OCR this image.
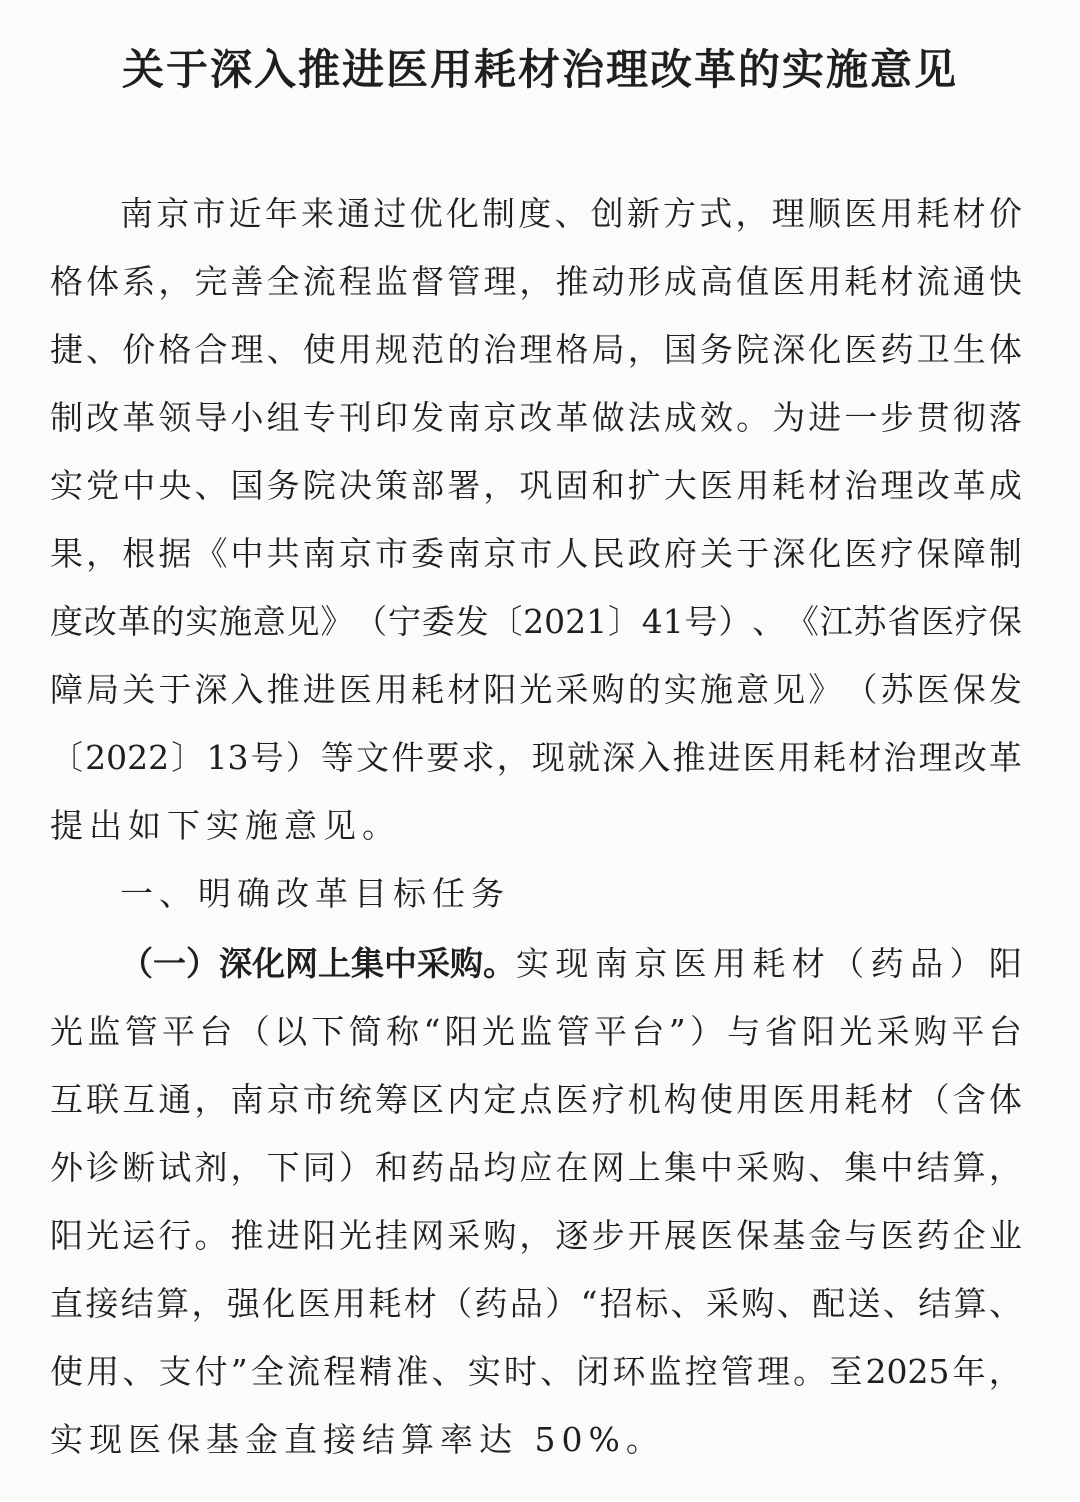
关于深入推进医用耗材治理改革的实施意见
南 京 市 近 年 来 通 过 优 化 制 度 、 创 新 方 式 ， 理 顺 医 用 耗 材 价
格 体 系 ， 完 善 全 流 程 监 督 管 理 ， 推 动 形 成 高 值 医 用 耗 材 流 通 快
捷 、 价 格 合 理 、 使 用 规 范 的 治 理 格 局 ， 国 务 院 深 化 医 药 卫 生 体
制 改 革 领 导 小 组 专 刊 印 发 南 京 改 革 做 法 成 效 。 为 进 一 步 贯 彻 落
实 党 中 央 、 国 务 院 决 策 部 署 ， 巩 固 和 扩 大 医 用 耗 材 治 理 改 革 成
果 ， 根 据 《 中 共 南 京 市 委 南 京 市 人 民 政 府 关 于 深 化 医 疗 保 障 制
度 改 革 的 实 施 意 见 》 （ 宁 委 发 〔 2021 〕 41 号 ） 、 《 江 苏 省 医 疗 保
障 局 关 于 深 入 推 进 医 用 耗 材 阳 光 采 购 的 实 施 意 见 》 （ 苏 医 保 发
〔 2022 〕 13 号 ） 等 文 件 要 求 ， 现 就 深 入 推 进 医 用 耗 材 治 理 改 革
提出如下实施意见。
一、明确改革目标任务
（一）深化网上集中采购。 实 现 南 京 医 用 耗 材 （ 药 品 ） 阳
光 监 管 平 台 （ 以 下 简 称 “ 阳 光 监 管 平 台 ” ） 与 省 阳 光 采 购 平 台
互 联 互 通 ， 南 京 市 统 筹 区 内 定 点 医 疗 机 构 使 用 医 用 耗 材 （ 含 体
外 诊 断 试 剂 ， 下 同 ） 和 药 品 均 应 在 网 上 集 中 采 购 、 集 中 结 算 ，
阳 光 运 行 。 推 进 阳 光 挂 网 采 购 ， 逐 步 开 展 医 保 基 金 与 医 药 企 业
直 接 结 算 ， 强 化 医 用 耗 材 （ 药 品 ） “ 招 标 、 采 购 、 配 送 、 结 算 、
使 用 、 支 付 ” 全 流 程 精 准 、 实 时 、 闭 环 监 控 管 理 。 至 2025 年 ，
实现医保基金直接结算率达 50%。
